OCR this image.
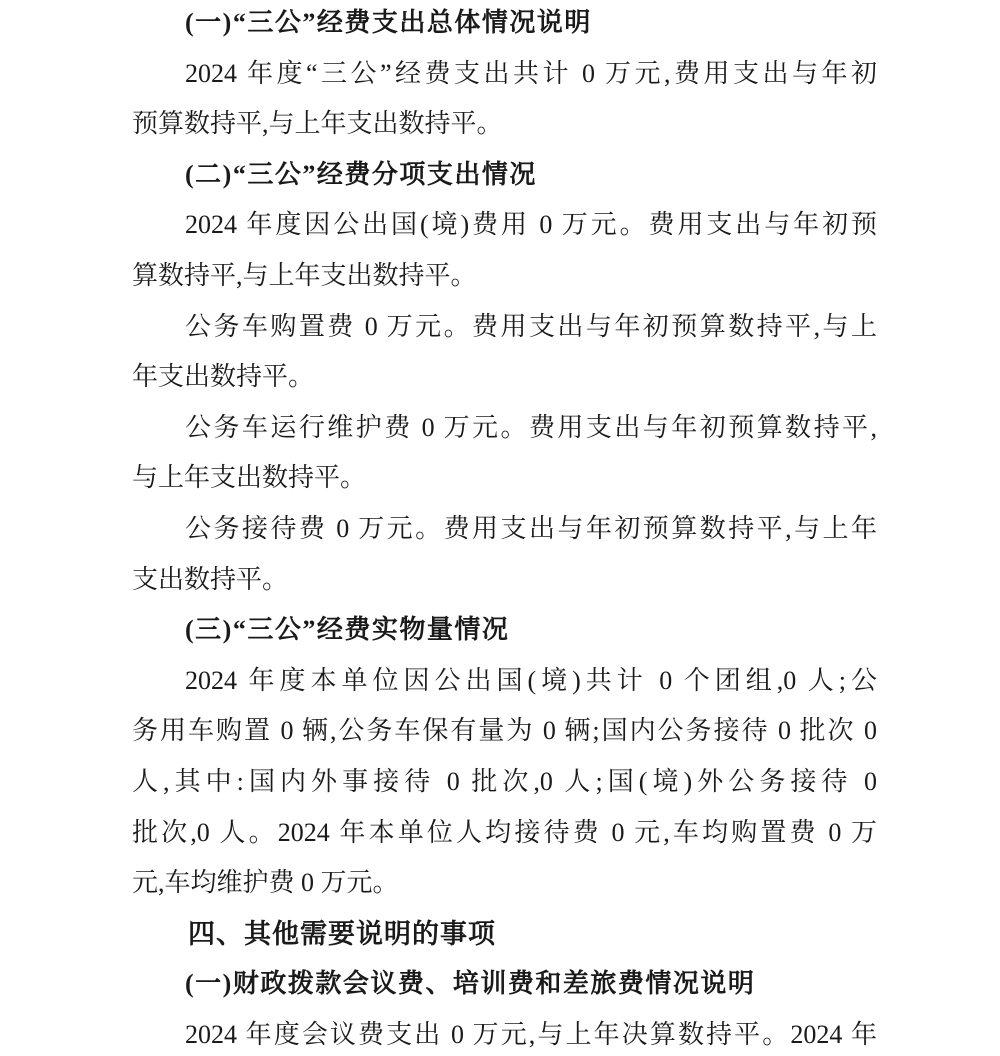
(一)“三公”经费支出总体情况说明

2024 年度“三公”经费支出共计 0 万元,费用支出与年初

预算数持平,与上年支出数持平。

(二)“三公”经费分项支出情况

2024 年度因公出国(境)费用 0 万元。费用支出与年初预

算数持平,与上年支出数持平。

公务车购置费 0 万元。费用支出与年初预算数持平,与上

年支出数持平。

公务车运行维护费 0 万元。费用支出与年初预算数持平,

与上年支出数持平。

公务接待费 0 万元。费用支出与年初预算数持平,与上年

支出数持平。

(三)“三公”经费实物量情况

2024 年度本单位因公出国(境)共计 0 个团组,0 人;公

务用车购置 0 辆,公务车保有量为 0 辆;国内公务接待 0 批次 0

人,其中:国内外事接待 0 批次,0 人;国(境)外公务接待 0

批次,0 人。2024 年本单位人均接待费 0 元,车均购置费 0 万

元,车均维护费 0 万元。

四、其他需要说明的事项

(一)财政拨款会议费、培训费和差旅费情况说明

2024 年度会议费支出 0 万元,与上年决算数持平。2024 年
